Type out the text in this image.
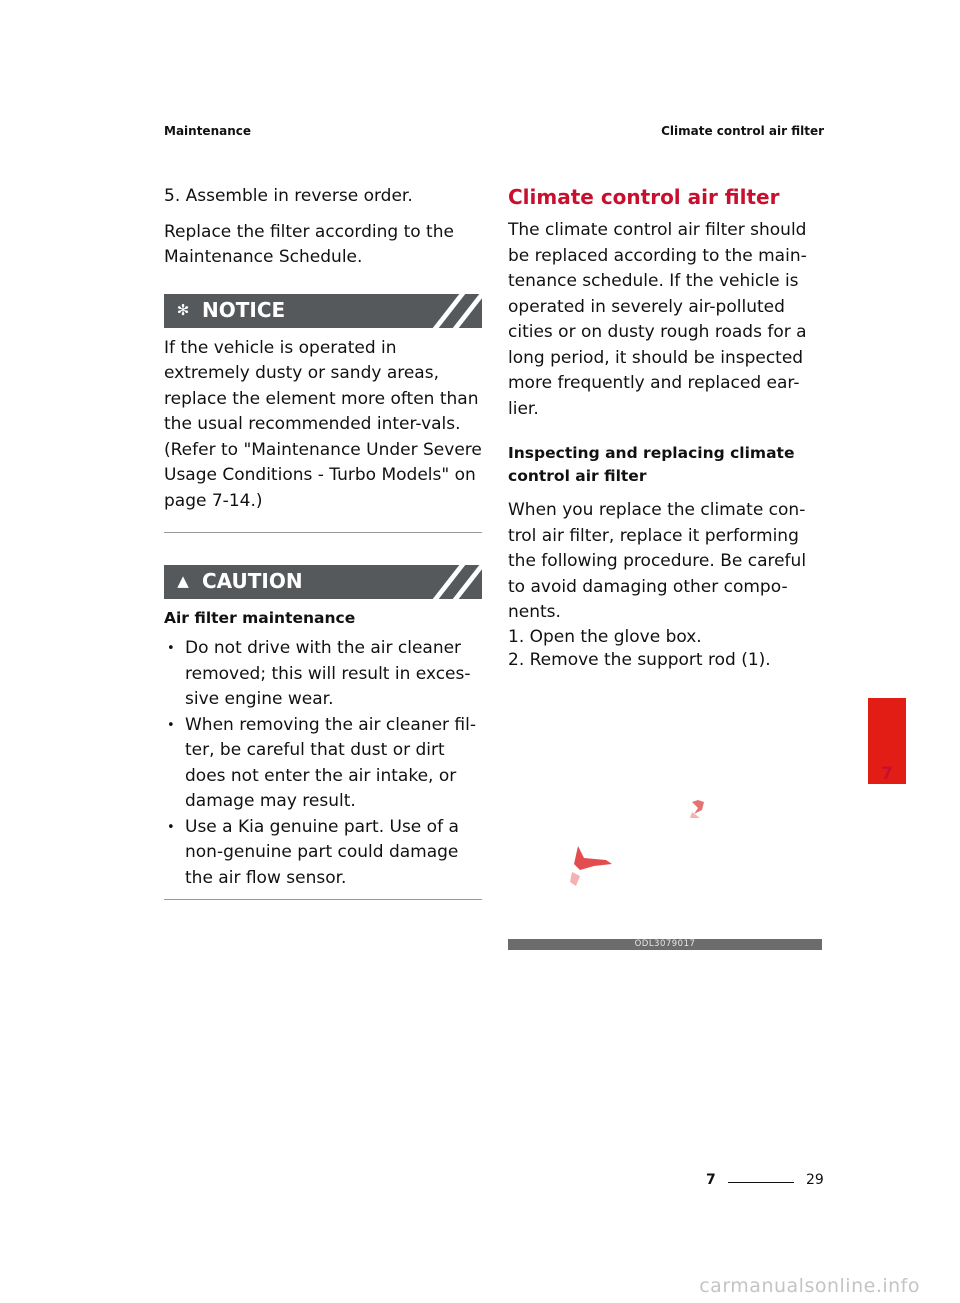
Maintenance	Climate control air filter

5. Assemble in reverse order.

Replace the filter according to the Maintenance Schedule.

✻ NOTICE

If the vehicle is operated in extremely dusty or sandy areas, replace the element more often than the usual recommended inter-vals. (Refer to "Maintenance Under Severe Usage Conditions - Turbo Models" on page 7-14.)

▲ CAUTION

Air filter maintenance

• Do not drive with the air cleaner removed; this will result in exces-sive engine wear.
• When removing the air cleaner fil-ter, be careful that dust or dirt does not enter the air intake, or damage may result.
• Use a Kia genuine part. Use of a non-genuine part could damage the air flow sensor.
Climate control air filter

The climate control air filter should be replaced according to the main-tenance schedule. If the vehicle is operated in severely air-polluted cities or on dusty rough roads for a long period, it should be inspected more frequently and replaced ear-lier.

Inspecting and replacing climate control air filter

When you replace the climate con-trol air filter, replace it performing the following procedure. Be careful to avoid damaging other compo-nents.

1. Open the glove box.

2. Remove the support rod (1).

ODL3079017
7
7	29
carmanualsonline.info
